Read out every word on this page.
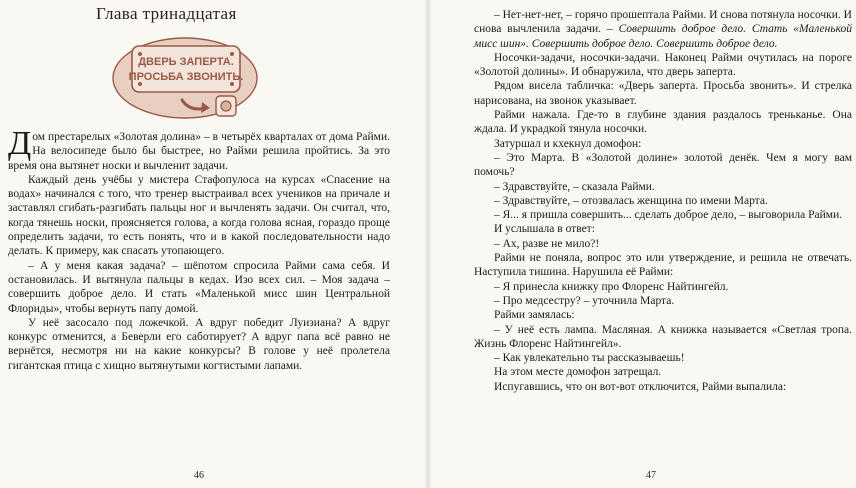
Глава тринадцатая
ДВЕРЬ ЗАПЕРТА.
ПРОСЬБА ЗВОНИТЬ.

Дом престарелых «Золотая долина» – в четырёх кварталах от дома Райми. На велосипеде было бы быстрее, но Райми решила пройтись. За это время она вытянет носки и вычленит задачи.

Каждый день учёбы у мистера Стафопулоса на курсах «Спасение на водах» начинался с того, что тренер выстраивал всех учеников на причале и заставлял сгибать-разгибать пальцы ног и вычленять задачи. Он считал, что, когда тянешь носки, проясняется голова, а когда голова ясная, гораздо проще определить задачи, то есть понять, что и в какой последовательности надо делать. К примеру, как спасать утопающего.

– А у меня какая задача? – шёпотом спросила Райми сама себя. И остановилась. И вытянула пальцы в кедах. Изо всех сил. – Моя задача – совершить доброе дело. И стать «Маленькой мисс шин Центральной Флориды», чтобы вернуть папу домой.

У неё засосало под ложечкой. А вдруг победит Луизиана? А вдруг конкурс отменится, а Беверли его саботирует? А вдруг папа всё равно не вернётся, несмотря ни на какие конкурсы? В голове у неё пролетела гигантская птица с хищно вытянутыми когтистыми лапами.

46

– Нет-нет-нет, – горячо прошептала Райми. И снова потянула носочки. И снова вычленила задачи. – Совершить доброе дело. Стать «Маленькой мисс шин». Совершить доброе дело. Совершить доброе дело.

Носочки-задачи, носочки-задачи. Наконец Райми очутилась на пороге «Золотой долины». И обнаружила, что дверь заперта.

Рядом висела табличка: «Дверь заперта. Просьба звонить». И стрелка нарисована, на звонок указывает.

Райми нажала. Где-то в глубине здания раздалось треньканье. Она ждала. И украдкой тянула носочки.

Затуршал и кхекнул домофон:

– Это Марта. В «Золотой долине» золотой денёк. Чем я могу вам помочь?

– Здравствуйте, – сказала Райми.

– Здравствуйте, – отозвалась женщина по имени Марта.

– Я... я пришла совершить... сделать доброе дело, – выговорила Райми.

И услышала в ответ:

– Ах, разве не мило?!

Райми не поняла, вопрос это или утверждение, и решила не отвечать. Наступила тишина. Нарушила её Райми:

– Я принесла книжку про Флоренс Найтингейл.

– Про медсестру? – уточнила Марта.

Райми замялась:

– У неё есть лампа. Масляная. А книжка называется «Светлая тропа. Жизнь Флоренс Найтингейл».

– Как увлекательно ты рассказываешь!

На этом месте домофон затрещал.

Испугавшись, что он вот-вот отключится, Райми выпалила:

47
